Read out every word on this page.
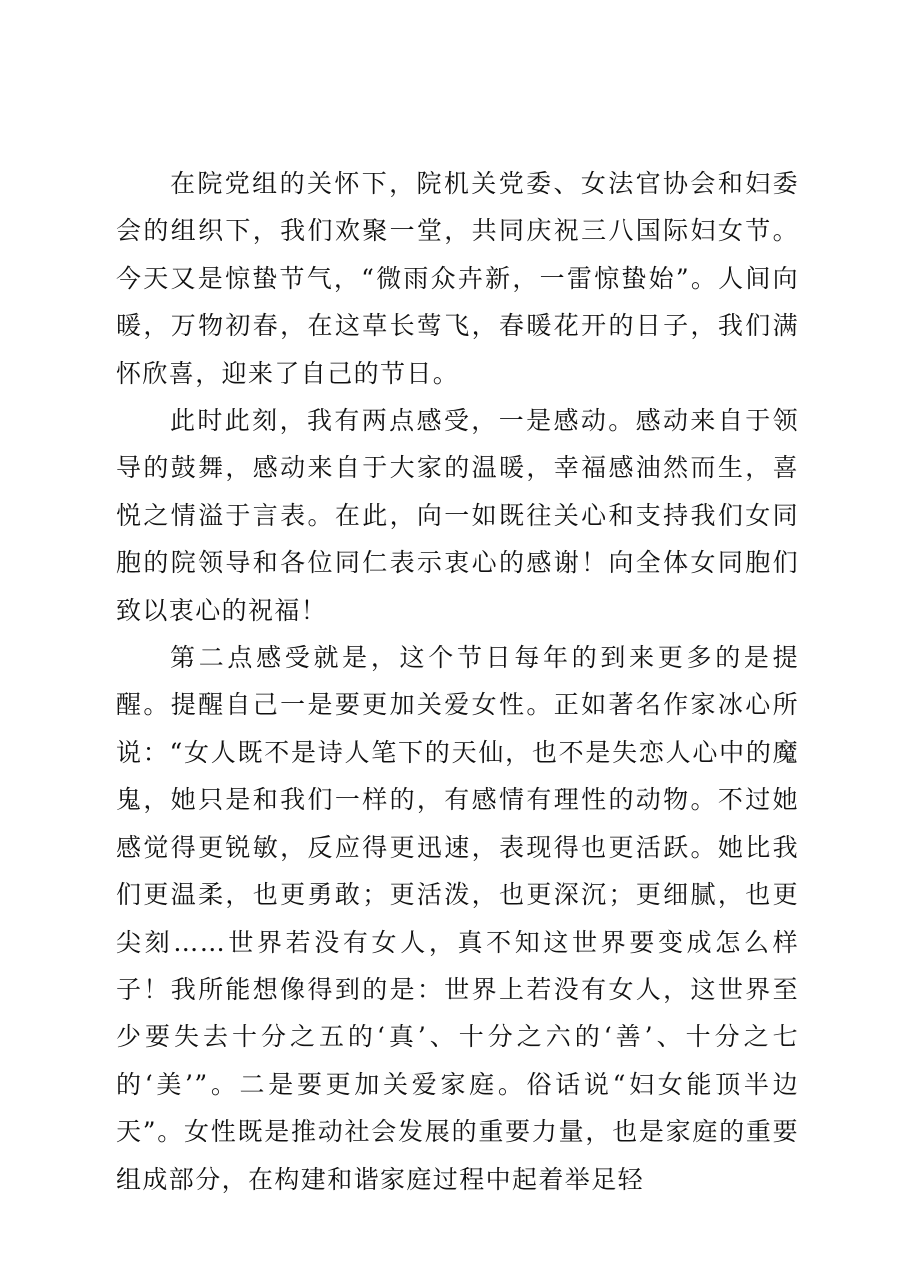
在院党组的关怀下，院机关党委、女法官协会和妇委会的组织下，我们欢聚一堂，共同庆祝三八国际妇女节。今天又是惊蛰节气，“微雨众卉新，一雷惊蛰始”。人间向暖，万物初春，在这草长莺飞，春暖花开的日子，我们满怀欣喜，迎来了自己的节日。

此时此刻，我有两点感受，一是感动。感动来自于领导的鼓舞，感动来自于大家的温暖，幸福感油然而生，喜悦之情溢于言表。在此，向一如既往关心和支持我们女同胞的院领导和各位同仁表示衷心的感谢！向全体女同胞们致以衷心的祝福！

第二点感受就是，这个节日每年的到来更多的是提醒。提醒自己一是要更加关爱女性。正如著名作家冰心所说：“女人既不是诗人笔下的天仙，也不是失恋人心中的魔鬼，她只是和我们一样的，有感情有理性的动物。不过她感觉得更锐敏，反应得更迅速，表现得也更活跃。她比我们更温柔，也更勇敢；更活泼，也更深沉；更细腻，也更尖刻……世界若没有女人，真不知这世界要变成怎么样子！我所能想像得到的是：世界上若没有女人，这世界至少要失去十分之五的‘真’、十分之六的‘善’、十分之七的‘美’”。二是要更加关爱家庭。俗话说“妇女能顶半边天”。女性既是推动社会发展的重要力量，也是家庭的重要组成部分，在构建和谐家庭过程中起着举足轻
